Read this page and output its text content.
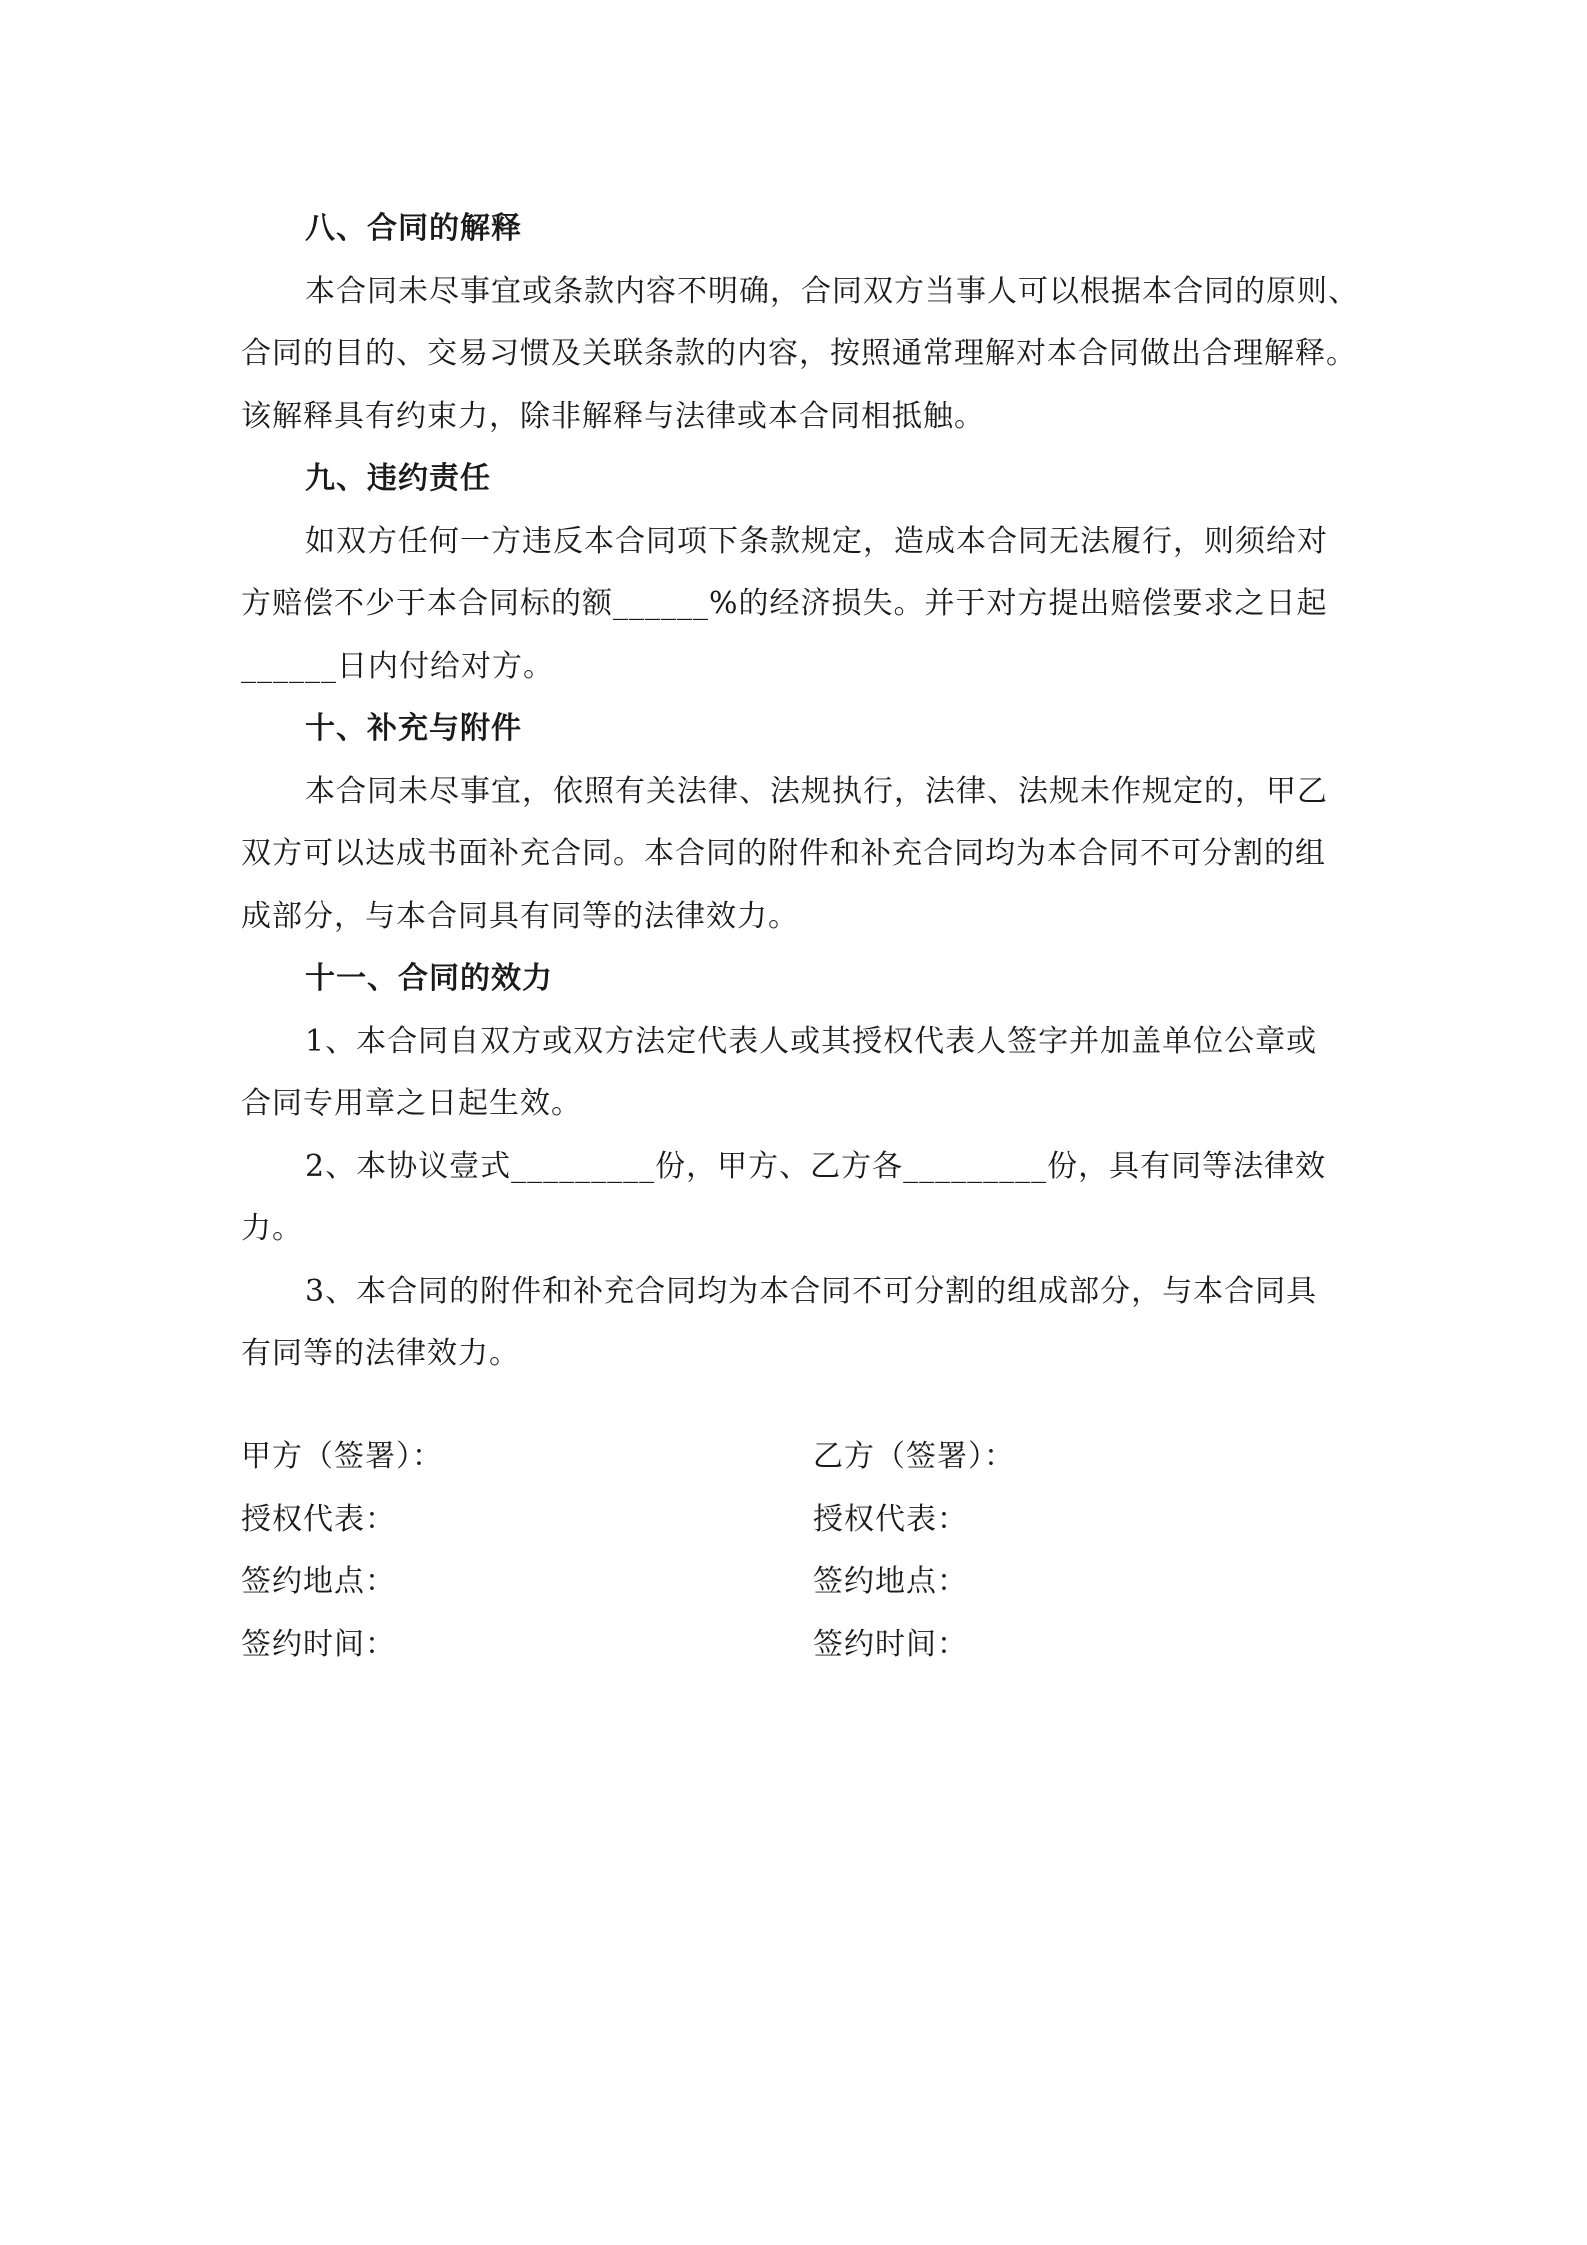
八、合同的解释
本合同未尽事宜或条款内容不明确，合同双方当事人可以根据本合同的原则、
合同的目的、交易习惯及关联条款的内容，按照通常理解对本合同做出合理解释。
该解释具有约束力，除非解释与法律或本合同相抵触。
九、违约责任
如双方任何一方违反本合同项下条款规定，造成本合同无法履行，则须给对
方赔偿不少于本合同标的额______%的经济损失。并于对方提出赔偿要求之日起
______日内付给对方。
十、补充与附件
本合同未尽事宜，依照有关法律、法规执行，法律、法规未作规定的，甲乙
双方可以达成书面补充合同。本合同的附件和补充合同均为本合同不可分割的组
成部分，与本合同具有同等的法律效力。
十一、合同的效力
1、本合同自双方或双方法定代表人或其授权代表人签字并加盖单位公章或
合同专用章之日起生效。
2、本协议壹式_________份，甲方、乙方各_________份，具有同等法律效
力。
3、本合同的附件和补充合同均为本合同不可分割的组成部分，与本合同具
有同等的法律效力。
甲方（签署）：	乙方（签署）：
授权代表：	授权代表：
签约地点：	签约地点：
签约时间：	签约时间：
